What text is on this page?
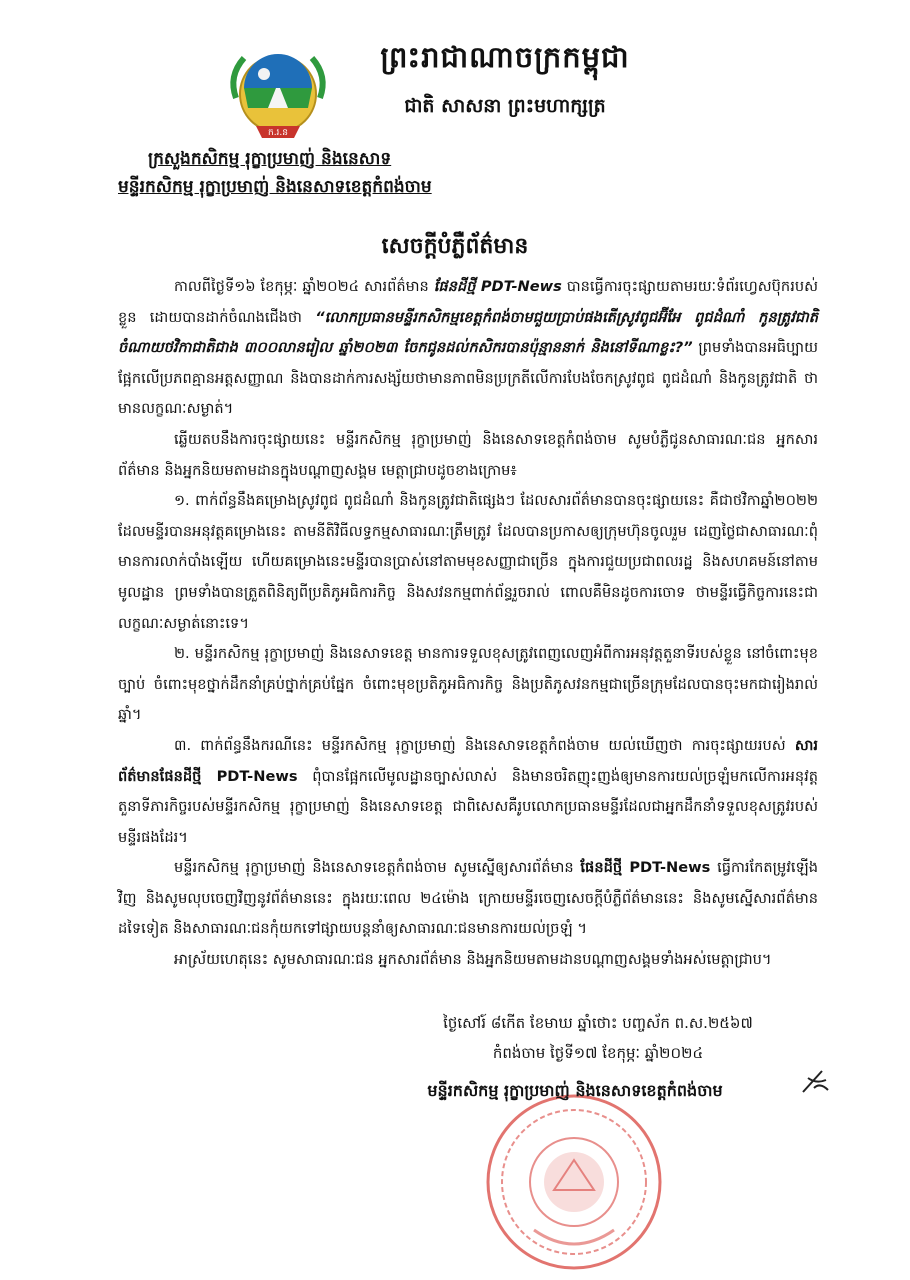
ក.រ.ន
ព្រះរាជាណាចក្រកម្ពុជា
ជាតិ សាសនា ព្រះមហាក្សត្រ
ក្រសួងកសិកម្ម រុក្ខាប្រមាញ់ និងនេសាទ
មន្ទីរកសិកម្ម រុក្ខាប្រមាញ់ និងនេសាទខេត្តកំពង់ចាម
សេចក្តីបំភ្លឺព័ត៌មាន

កាលពីថ្ងៃទី១៦ ខែកុម្ភៈ ឆ្នាំ២០២៤ សារព័ត៌មាន ផែនដីថ្មី PDT-News បានធ្វើការចុះផ្សាយតាមរយៈទំព័រហ្វេសប៊ុករបស់ខ្លួន ដោយបានដាក់ចំណងជើងថា “លោកប្រធានមន្ទីរកសិកម្មខេត្តកំពង់ចាមជួយប្រាប់ផងតើស្រូវពូជអ៊ីអែ ពូជដំណាំ កូនត្រូវជាតិ ចំណាយថវិកាជាតិជាង ៣០០លានរៀល ឆ្នាំ២០២៣ ចែកជូនដល់កសិករបានប៉ុន្មាននាក់ និងនៅទីណាខ្លះ?” ព្រមទាំងបានអធិប្បាយផ្អែកលើប្រភពគ្មានអត្តសញ្ញាណ និងបានដាក់ការសង្ស័យថាមានភាពមិនប្រក្រតីលើការបែងចែកស្រូវពូជ ពូជដំណាំ និងកូនត្រូវជាតិ ថាមានលក្ខណៈសម្ងាត់។

ឆ្លើយតបនឹងការចុះផ្សាយនេះ មន្ទីរកសិកម្ម រុក្ខាប្រមាញ់ និងនេសាទខេត្តកំពង់ចាម សូមបំភ្លឺជូនសាធារណៈជន អ្នកសារព័ត៌មាន និងអ្នកនិយមតាមដានក្នុងបណ្តាញសង្គម មេត្តាជ្រាបដូចខាងក្រោម៖

១. ពាក់ព័ន្ធនឹងគម្រោងស្រូវពូជ ពូជដំណាំ និងកូនត្រូវជាតិផ្សេងៗ ដែលសារព័ត៌មានបានចុះផ្សាយនេះ គឺជាថវិកាឆ្នាំ២០២២ ដែលមន្ទីរបានអនុវត្តគម្រោងនេះ តាមនីតិវិធីលទ្ធកម្មសាធារណៈត្រឹមត្រូវ ដែលបានប្រកាសឲ្យក្រុមហ៊ុនចូលរួម ដេញថ្លៃជាសាធារណៈពុំមានការលាក់បាំងឡើយ ហើយគម្រោងនេះមន្ទីរបានប្រាស់នៅតាមមុខសញ្ញាជាច្រើន ក្នុងការជួយប្រជាពលរដ្ឋ និងសហគមន៍នៅតាមមូលដ្ឋាន ព្រមទាំងបានត្រួតពិនិត្យពីប្រតិភូអធិការកិច្ច និងសវនកម្មពាក់ព័ន្ធរួចរាល់ ពោលគឺមិនដូចការចោទ ថាមន្ទីរធ្វើកិច្ចការនេះជាលក្ខណៈសម្ងាត់នោះទេ។

២. មន្ទីរកសិកម្ម រុក្ខាប្រមាញ់ និងនេសាទខេត្ត មានការទទួលខុសត្រូវពេញលេញអំពីការអនុវត្តតួនាទីរបស់ខ្លួន នៅចំពោះមុខច្បាប់ ចំពោះមុខថ្នាក់ដឹកនាំគ្រប់ថ្នាក់គ្រប់ផ្នែក ចំពោះមុខប្រតិភូអធិការកិច្ច និងប្រតិភូសវនកម្មជាច្រើនក្រុមដែលបានចុះមកជារៀងរាល់ឆ្នាំ។

៣. ពាក់ព័ន្ធនឹងករណីនេះ មន្ទីរកសិកម្ម រុក្ខាប្រមាញ់ និងនេសាទខេត្តកំពង់ចាម យល់ឃើញថា ការចុះផ្សាយរបស់ សារព័ត៌មានផែនដីថ្មី PDT-News ពុំបានផ្អែកលើមូលដ្ឋានច្បាស់លាស់ និងមានចរិតញុះញង់ឲ្យមានការយល់ច្រឡំមកលើការអនុវត្តតួនាទីភារកិច្ចរបស់មន្ទីរកសិកម្ម រុក្ខាប្រមាញ់ និងនេសាទខេត្ត ជាពិសេសគឺរូបលោកប្រធានមន្ទីរដែលជាអ្នកដឹកនាំទទួលខុសត្រូវរបស់មន្ទីរផងដែរ។

មន្ទីរកសិកម្ម រុក្ខាប្រមាញ់ និងនេសាទខេត្តកំពង់ចាម សូមស្នើឲ្យសារព័ត៌មាន ផែនដីថ្មី PDT-News ធ្វើការកែតម្រូវឡើងវិញ និងសូមលុបចេញវិញនូវព័ត៌មាននេះ ក្នុងរយៈពេល ២៤ម៉ោង ក្រោយមន្ទីរចេញសេចក្តីបំភ្លឺព័ត៌មាននេះ និងសូមស្នើសារព័ត៌មានដទៃទៀត និងសាធារណៈជនកុំយកទៅផ្សាយបន្តនាំឲ្យសាធារណៈជនមានការយល់ច្រឡំ ។

អាស្រ័យហេតុនេះ សូមសាធារណៈជន អ្នកសារព័ត៌មាន និងអ្នកនិយមតាមដានបណ្តាញសង្គមទាំងអស់មេត្តាជ្រាប។

ថ្ងៃសៅរ៍ ៨កើត ខែមាឃ ឆ្នាំថោះ បញ្ចស័ក ព.ស.២៥៦៧
កំពង់ចាម ថ្ងៃទី១៧ ខែកុម្ភៈ ឆ្នាំ២០២៤
មន្ទីរកសិកម្ម រុក្ខាប្រមាញ់ និងនេសាទខេត្តកំពង់ចាម
